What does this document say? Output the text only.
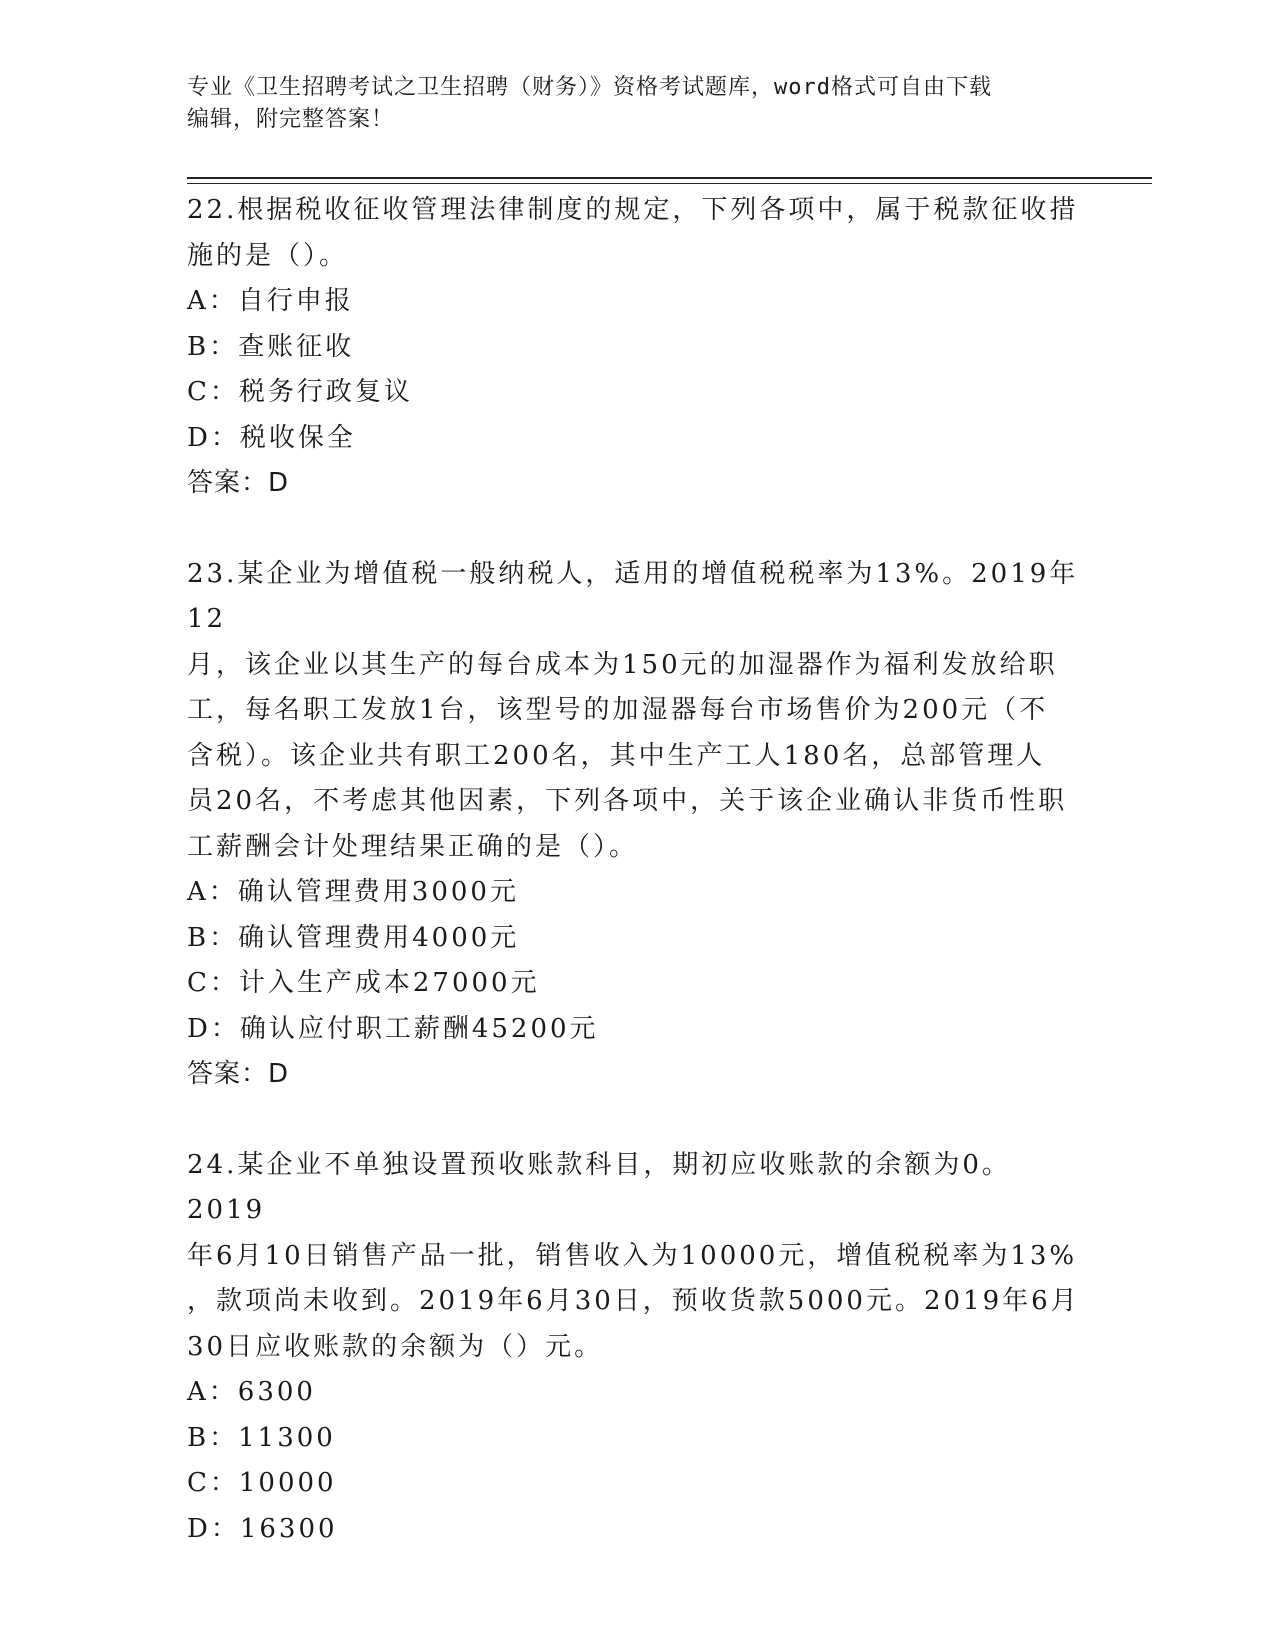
专业《卫生招聘考试之卫生招聘（财务）》资格考试题库，word格式可自由下载
编辑，附完整答案！

22.根据税收征收管理法律制度的规定，下列各项中，属于税款征收措

施的是（）。

A：自行申报

B：查账征收

C：税务行政复议

D：税收保全

答案：D

23.某企业为增值税一般纳税人，适用的增值税税率为13%。2019年12

月，该企业以其生产的每台成本为150元的加湿器作为福利发放给职

工，每名职工发放1台，该型号的加湿器每台市场售价为200元（不

含税）。该企业共有职工200名，其中生产工人180名，总部管理人

员20名，不考虑其他因素，下列各项中，关于该企业确认非货币性职

工薪酬会计处理结果正确的是（）。

A：确认管理费用3000元

B：确认管理费用4000元

C：计入生产成本27000元

D：确认应付职工薪酬45200元

答案：D

24.某企业不单独设置预收账款科目，期初应收账款的余额为0。2019

年6月10日销售产品一批，销售收入为10000元，增值税税率为13%

，款项尚未收到。2019年6月30日，预收货款5000元。2019年6月

30日应收账款的余额为（）元。

A：6300

B：11300

C：10000

D：16300
